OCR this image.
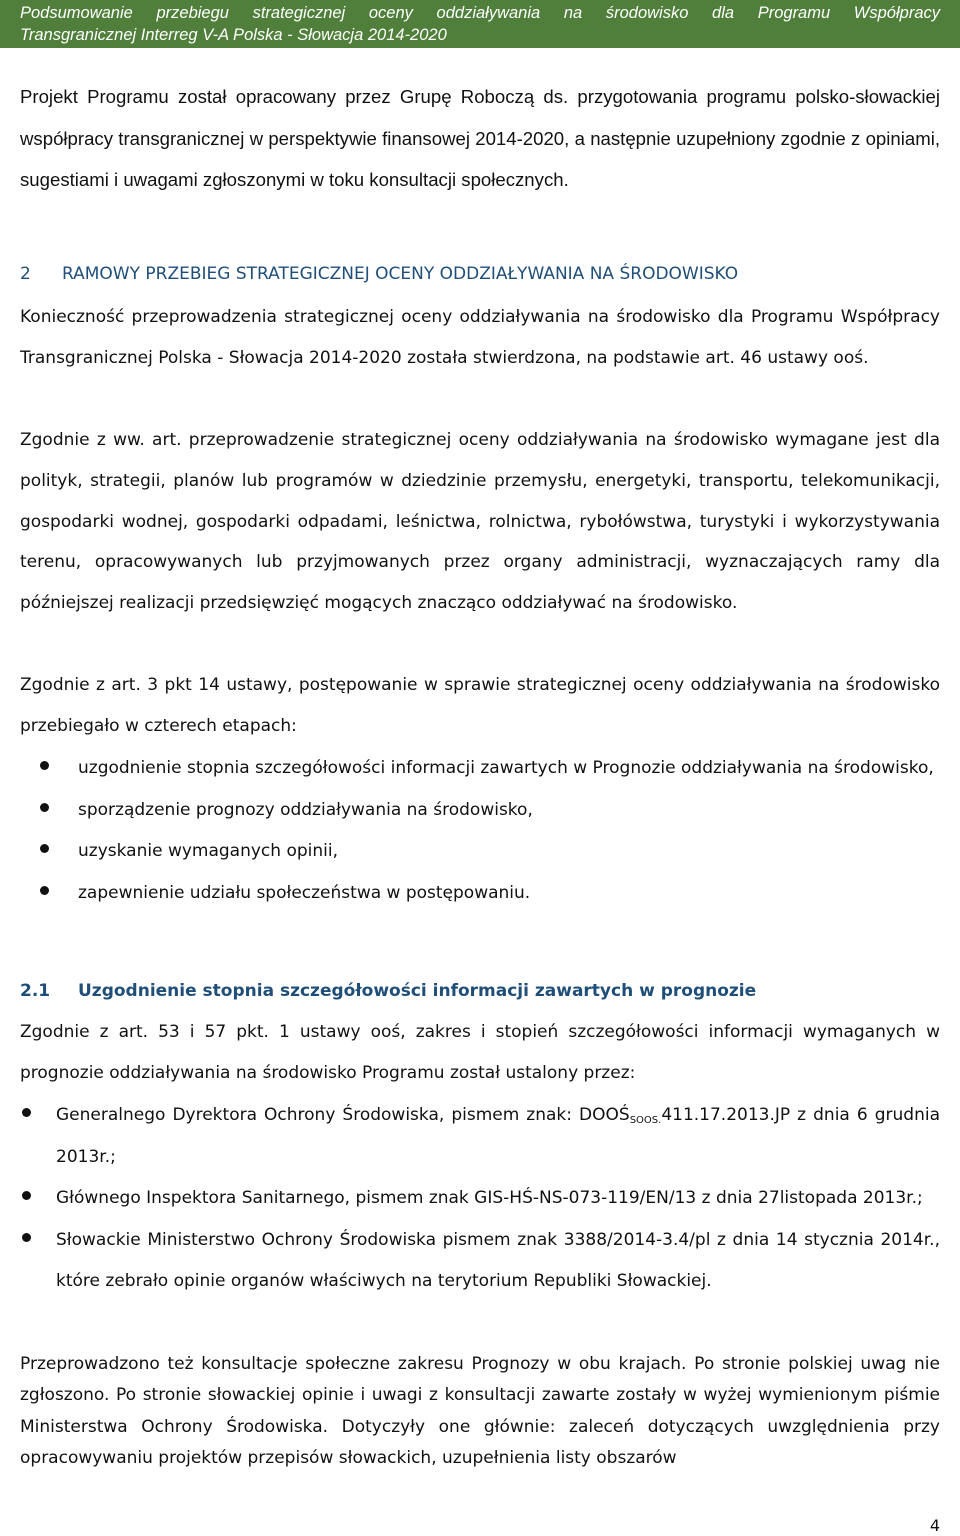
Podsumowanie przebiegu strategicznej oceny oddziaływania na środowisko dla Programu Współpracy
Transgranicznej Interreg V-A Polska - Słowacja 2014-2020

Projekt Programu został opracowany przez Grupę Roboczą ds. przygotowania programu polsko-słowackiej współpracy transgranicznej w perspektywie finansowej 2014-2020, a następnie uzupełniony zgodnie z opiniami, sugestiami i uwagami zgłoszonymi w toku konsultacji społecznych.

2 RAMOWY PRZEBIEG STRATEGICZNEJ OCENY ODDZIAŁYWANIA NA ŚRODOWISKO

Konieczność przeprowadzenia strategicznej oceny oddziaływania na środowisko dla Programu Współpracy Transgranicznej Polska - Słowacja 2014-2020 została stwierdzona, na podstawie art. 46 ustawy ooś.

Zgodnie z ww. art. przeprowadzenie strategicznej oceny oddziaływania na środowisko wymagane jest dla polityk, strategii, planów lub programów w dziedzinie przemysłu, energetyki, transportu, telekomunikacji, gospodarki wodnej, gospodarki odpadami, leśnictwa, rolnictwa, rybołówstwa, turystyki i wykorzystywania terenu, opracowywanych lub przyjmowanych przez organy administracji, wyznaczających ramy dla późniejszej realizacji przedsięwzięć mogących znacząco oddziaływać na środowisko.

Zgodnie z art. 3 pkt 14 ustawy, postępowanie w sprawie strategicznej oceny oddziaływania na środowisko przebiegało w czterech etapach:

uzgodnienie stopnia szczegółowości informacji zawartych w Prognozie oddziaływania na środowisko,
sporządzenie prognozy oddziaływania na środowisko,
uzyskanie wymaganych opinii,
zapewnienie udziału społeczeństwa w postępowaniu.
2.1 Uzgodnienie stopnia szczegółowości informacji zawartych w prognozie

Zgodnie z art. 53 i 57 pkt. 1 ustawy ooś, zakres i stopień szczegółowości informacji wymaganych w prognozie oddziaływania na środowisko Programu został ustalony przez:

Generalnego Dyrektora Ochrony Środowiska, pismem znak: $DOOŚ_{SOOS.}411.17.2013.JP$ z dnia 6 grudnia 2013r.;
Głównego Inspektora Sanitarnego, pismem znak GIS-HŚ-NS-073-119/EN/13 z dnia 27listopada 2013r.;
Słowackie Ministerstwo Ochrony Środowiska pismem znak 3388/2014-3.4/pl z dnia 14 stycznia 2014r., które zebrało opinie organów właściwych na terytorium Republiki Słowackiej.

Przeprowadzono też konsultacje społeczne zakresu Prognozy w obu krajach. Po stronie polskiej uwag nie zgłoszono. Po stronie słowackiej opinie i uwagi z konsultacji zawarte zostały w wyżej wymienionym piśmie Ministerstwa Ochrony Środowiska. Dotyczyły one głównie: zaleceń dotyczących uwzględnienia przy opracowywaniu projektów przepisów słowackich, uzupełnienia listy obszarów

4
